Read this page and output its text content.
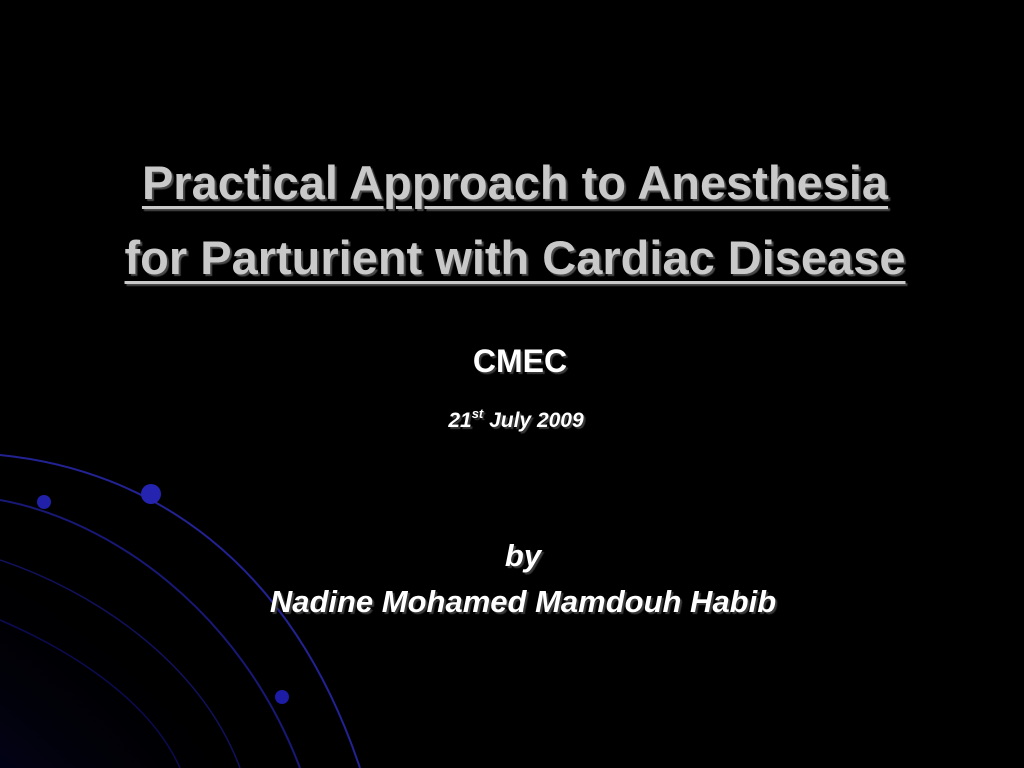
Practical Approach to Anesthesia
for Parturient with Cardiac Disease
CMEC
21st July 2009
by
Nadine Mohamed Mamdouh Habib
